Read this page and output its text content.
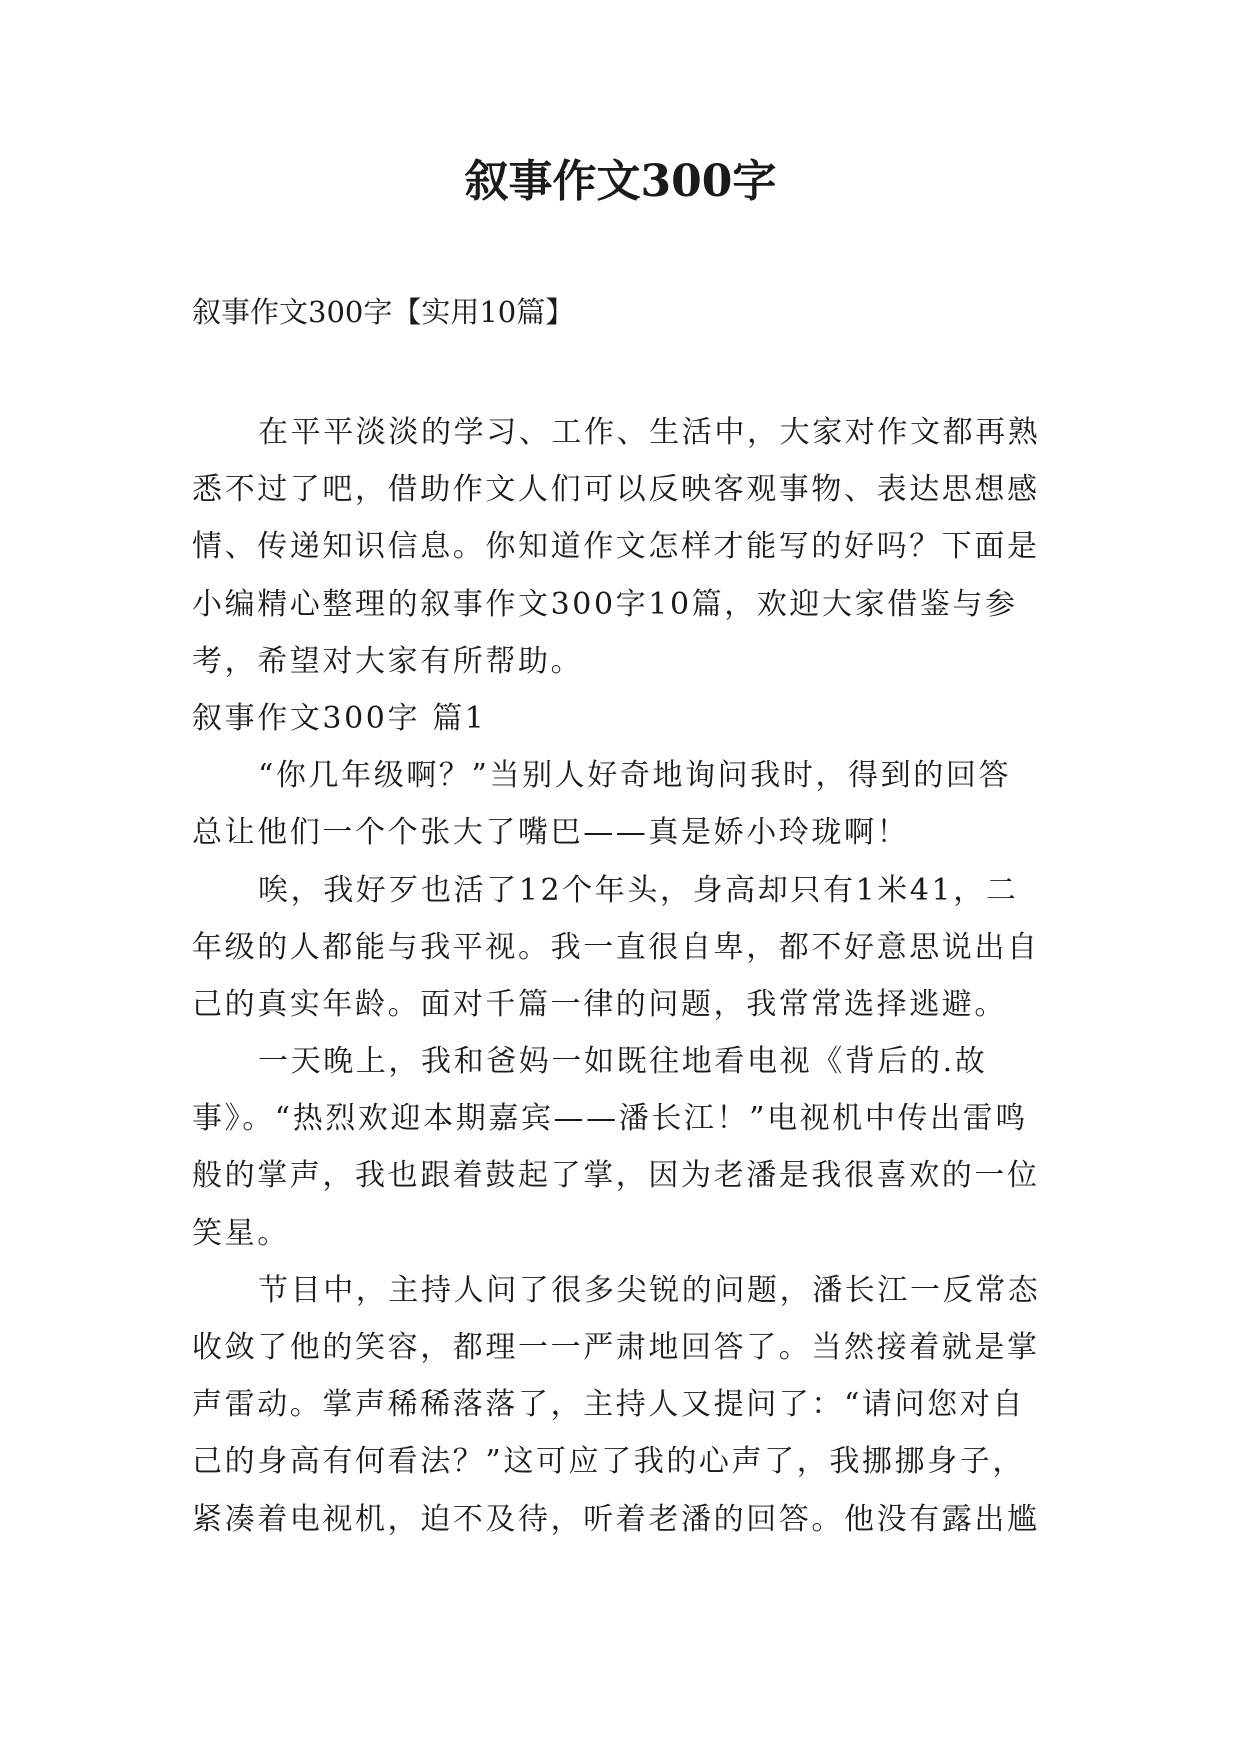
叙事作文300字

叙事作文300字【实用10篇】

在平平淡淡的学习、工作、生活中，大家对作文都再熟
悉不过了吧，借助作文人们可以反映客观事物、表达思想感
情、传递知识信息。你知道作文怎样才能写的好吗？下面是
小编精心整理的叙事作文300字10篇，欢迎大家借鉴与参
考，希望对大家有所帮助。
叙事作文300字 篇1
“你几年级啊？”当别人好奇地询问我时，得到的回答
总让他们一个个张大了嘴巴——真是娇小玲珑啊！
唉，我好歹也活了12个年头，身高却只有1米41，二
年级的人都能与我平视。我一直很自卑，都不好意思说出自
己的真实年龄。面对千篇一律的问题，我常常选择逃避。
一天晚上，我和爸妈一如既往地看电视《背后的.故
事》。“热烈欢迎本期嘉宾——潘长江！”电视机中传出雷鸣
般的掌声，我也跟着鼓起了掌，因为老潘是我很喜欢的一位
笑星。
节目中，主持人问了很多尖锐的问题，潘长江一反常态
收敛了他的笑容，都理一一严肃地回答了。当然接着就是掌
声雷动。掌声稀稀落落了，主持人又提问了：“请问您对自
己的身高有何看法？”这可应了我的心声了，我挪挪身子，
紧凑着电视机，迫不及待，听着老潘的回答。他没有露出尴
